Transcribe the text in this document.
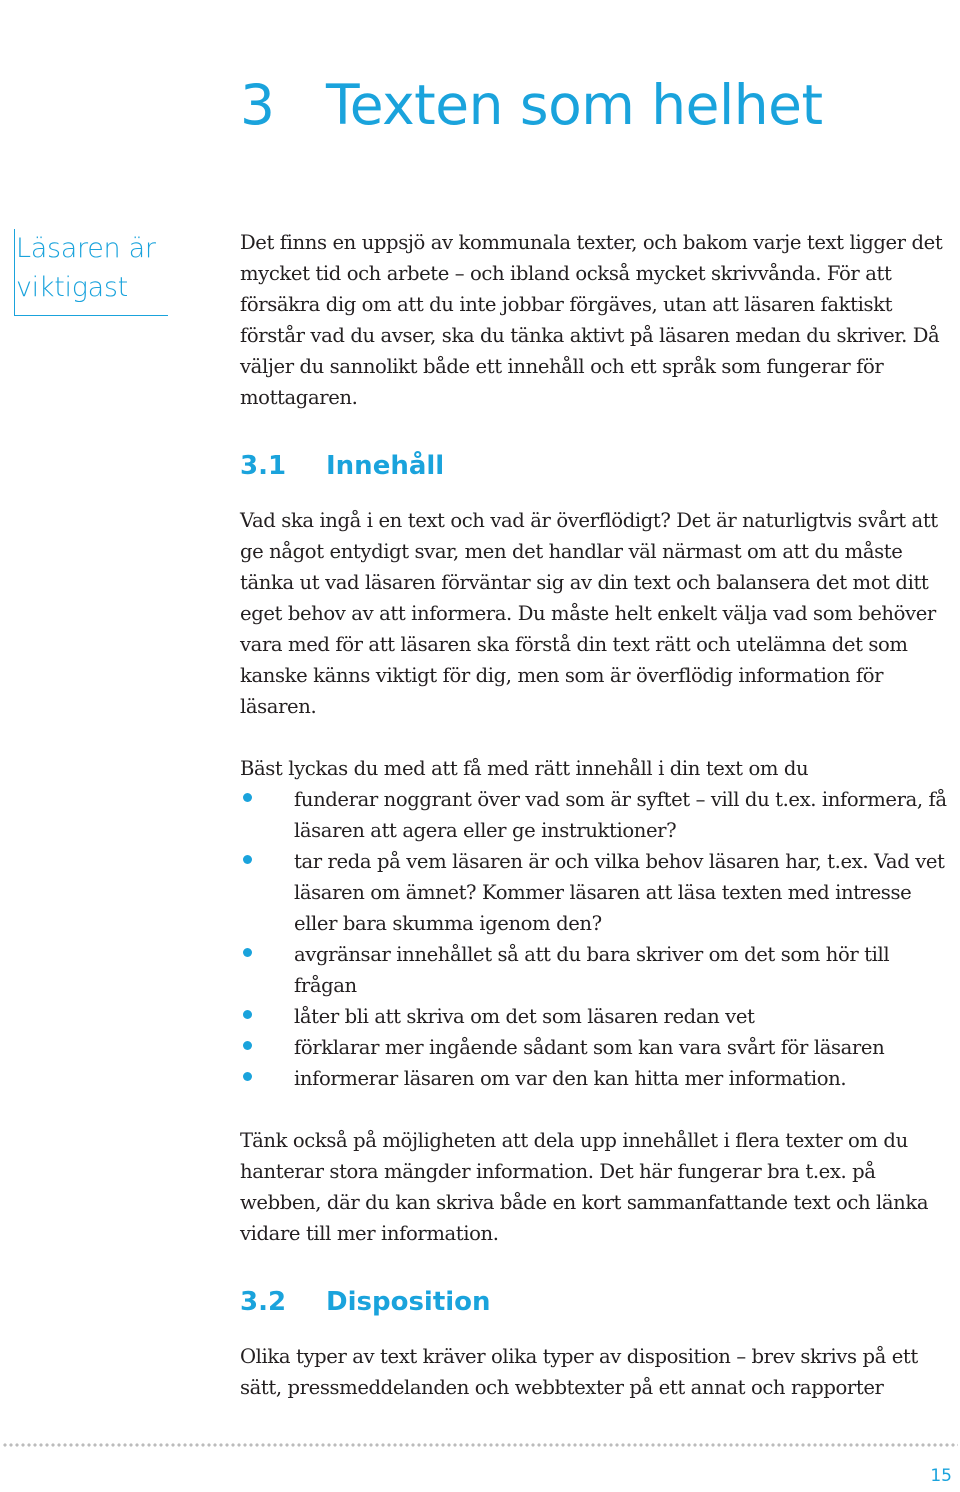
3 Texten som helhet

Läsaren är viktigast

Det finns en uppsjö av kommunala texter, och bakom varje text ligger det mycket tid och arbete – och ibland också mycket skrivvånda. För att försäkra dig om att du inte jobbar förgäves, utan att läsaren faktiskt förstår vad du avser, ska du tänka aktivt på läsaren medan du skriver. Då väljer du sannolikt både ett innehåll och ett språk som fungerar för mottagaren.

3.1 Innehåll

Vad ska ingå i en text och vad är överflödigt? Det är naturligtvis svårt att ge något entydigt svar, men det handlar väl närmast om att du måste tänka ut vad läsaren förväntar sig av din text och balansera det mot ditt eget behov av att informera. Du måste helt enkelt välja vad som behöver vara med för att läsaren ska förstå din text rätt och utelämna det som kanske känns viktigt för dig, men som är överflödig information för läsaren.

Bäst lyckas du med att få med rätt innehåll i din text om du

funderar noggrant över vad som är syftet – vill du t.ex. informera, få läsaren att agera eller ge instruktioner?
tar reda på vem läsaren är och vilka behov läsaren har, t.ex. Vad vet läsaren om ämnet? Kommer läsaren att läsa texten med intresse eller bara skumma igenom den?
avgränsar innehållet så att du bara skriver om det som hör till frågan
låter bli att skriva om det som läsaren redan vet
förklarar mer ingående sådant som kan vara svårt för läsaren
informerar läsaren om var den kan hitta mer information.

Tänk också på möjligheten att dela upp innehållet i flera texter om du hanterar stora mängder information. Det här fungerar bra t.ex. på webben, där du kan skriva både en kort sammanfattande text och länka vidare till mer information.

3.2 Disposition

Olika typer av text kräver olika typer av disposition – brev skrivs på ett sätt, pressmeddelanden och webbtexter på ett annat och rapporter

15
